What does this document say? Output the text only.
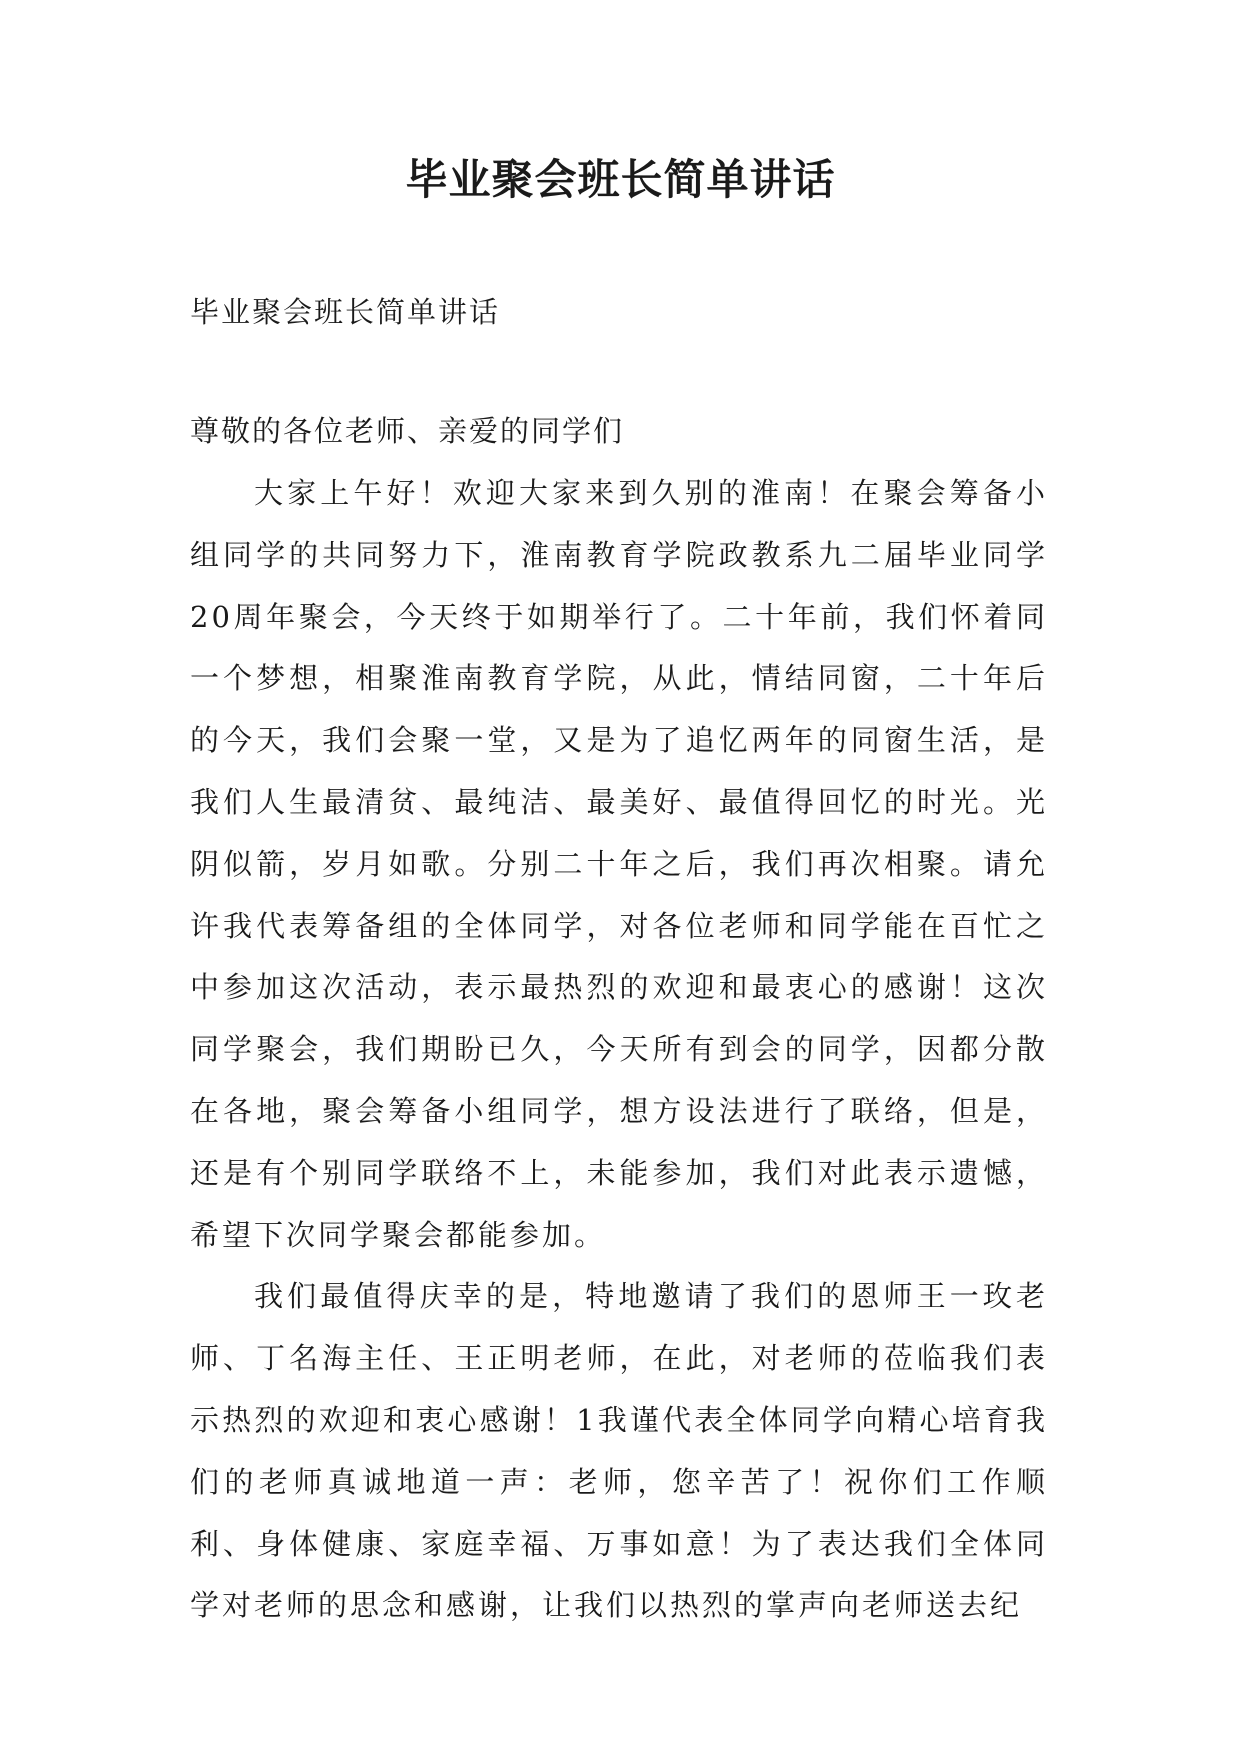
毕业聚会班长简单讲话
毕业聚会班长简单讲话
尊敬的各位老师、亲爱的同学们

大家上午好！欢迎大家来到久别的淮南！在聚会筹备小组同学的共同努力下，淮南教育学院政教系九二届毕业同学20周年聚会，今天终于如期举行了。二十年前，我们怀着同一个梦想，相聚淮南教育学院，从此，情结同窗，二十年后的今天，我们会聚一堂，又是为了追忆两年的同窗生活，是我们人生最清贫、最纯洁、最美好、最值得回忆的时光。光阴似箭，岁月如歌。分别二十年之后，我们再次相聚。请允许我代表筹备组的全体同学，对各位老师和同学能在百忙之中参加这次活动，表示最热烈的欢迎和最衷心的感谢！这次同学聚会，我们期盼已久，今天所有到会的同学，因都分散在各地，聚会筹备小组同学，想方设法进行了联络，但是，还是有个别同学联络不上，未能参加，我们对此表示遗憾，希望下次同学聚会都能参加。

我们最值得庆幸的是，特地邀请了我们的恩师王一玫老师、丁名海主任、王正明老师，在此，对老师的莅临我们表示热烈的欢迎和衷心感谢！1我谨代表全体同学向精心培育我们的老师真诚地道一声：老师，您辛苦了！祝你们工作顺利、身体健康、家庭幸福、万事如意！为了表达我们全体同学对老师的思念和感谢，让我们以热烈的掌声向老师送去纪
